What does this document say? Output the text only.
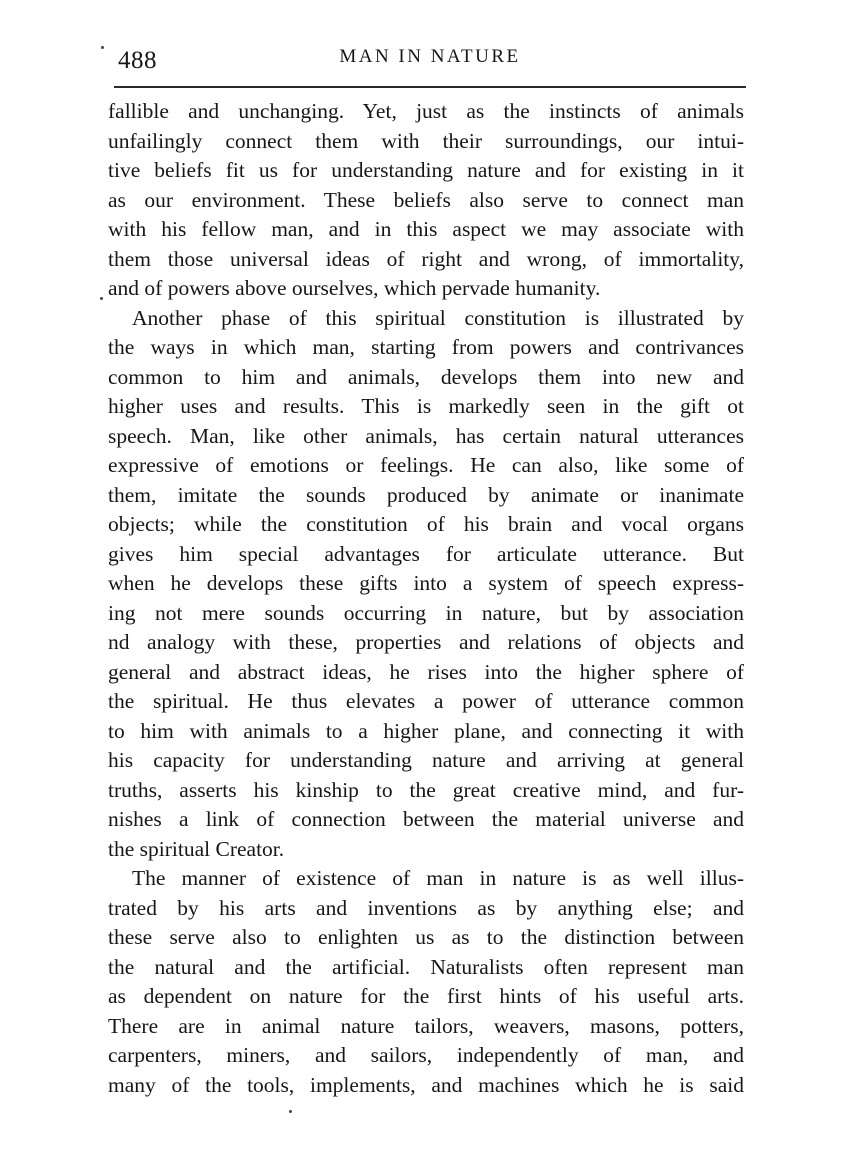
488	MAN IN NATURE
fallible and unchanging. Yet, just as the instincts of animals
unfailingly connect them with their surroundings, our intui-
tive beliefs fit us for understanding nature and for existing in it
as our environment. These beliefs also serve to connect man
with his fellow man, and in this aspect we may associate with
them those universal ideas of right and wrong, of immortality,
and of powers above ourselves, which pervade humanity.
Another phase of this spiritual constitution is illustrated by
the ways in which man, starting from powers and contrivances
common to him and animals, develops them into new and
higher uses and results. This is markedly seen in the gift ot
speech. Man, like other animals, has certain natural utterances
expressive of emotions or feelings. He can also, like some of
them, imitate the sounds produced by animate or inanimate
objects; while the constitution of his brain and vocal organs
gives him special advantages for articulate utterance. But
when he develops these gifts into a system of speech express-
ing not mere sounds occurring in nature, but by association
nd analogy with these, properties and relations of objects and
general and abstract ideas, he rises into the higher sphere of
the spiritual. He thus elevates a power of utterance common
to him with animals to a higher plane, and connecting it with
his capacity for understanding nature and arriving at general
truths, asserts his kinship to the great creative mind, and fur-
nishes a link of connection between the material universe and
the spiritual Creator.
The manner of existence of man in nature is as well illus-
trated by his arts and inventions as by anything else; and
these serve also to enlighten us as to the distinction between
the natural and the artificial. Naturalists often represent man
as dependent on nature for the first hints of his useful arts.
There are in animal nature tailors, weavers, masons, potters,
carpenters, miners, and sailors, independently of man, and
many of the tools, implements, and machines which he is said
